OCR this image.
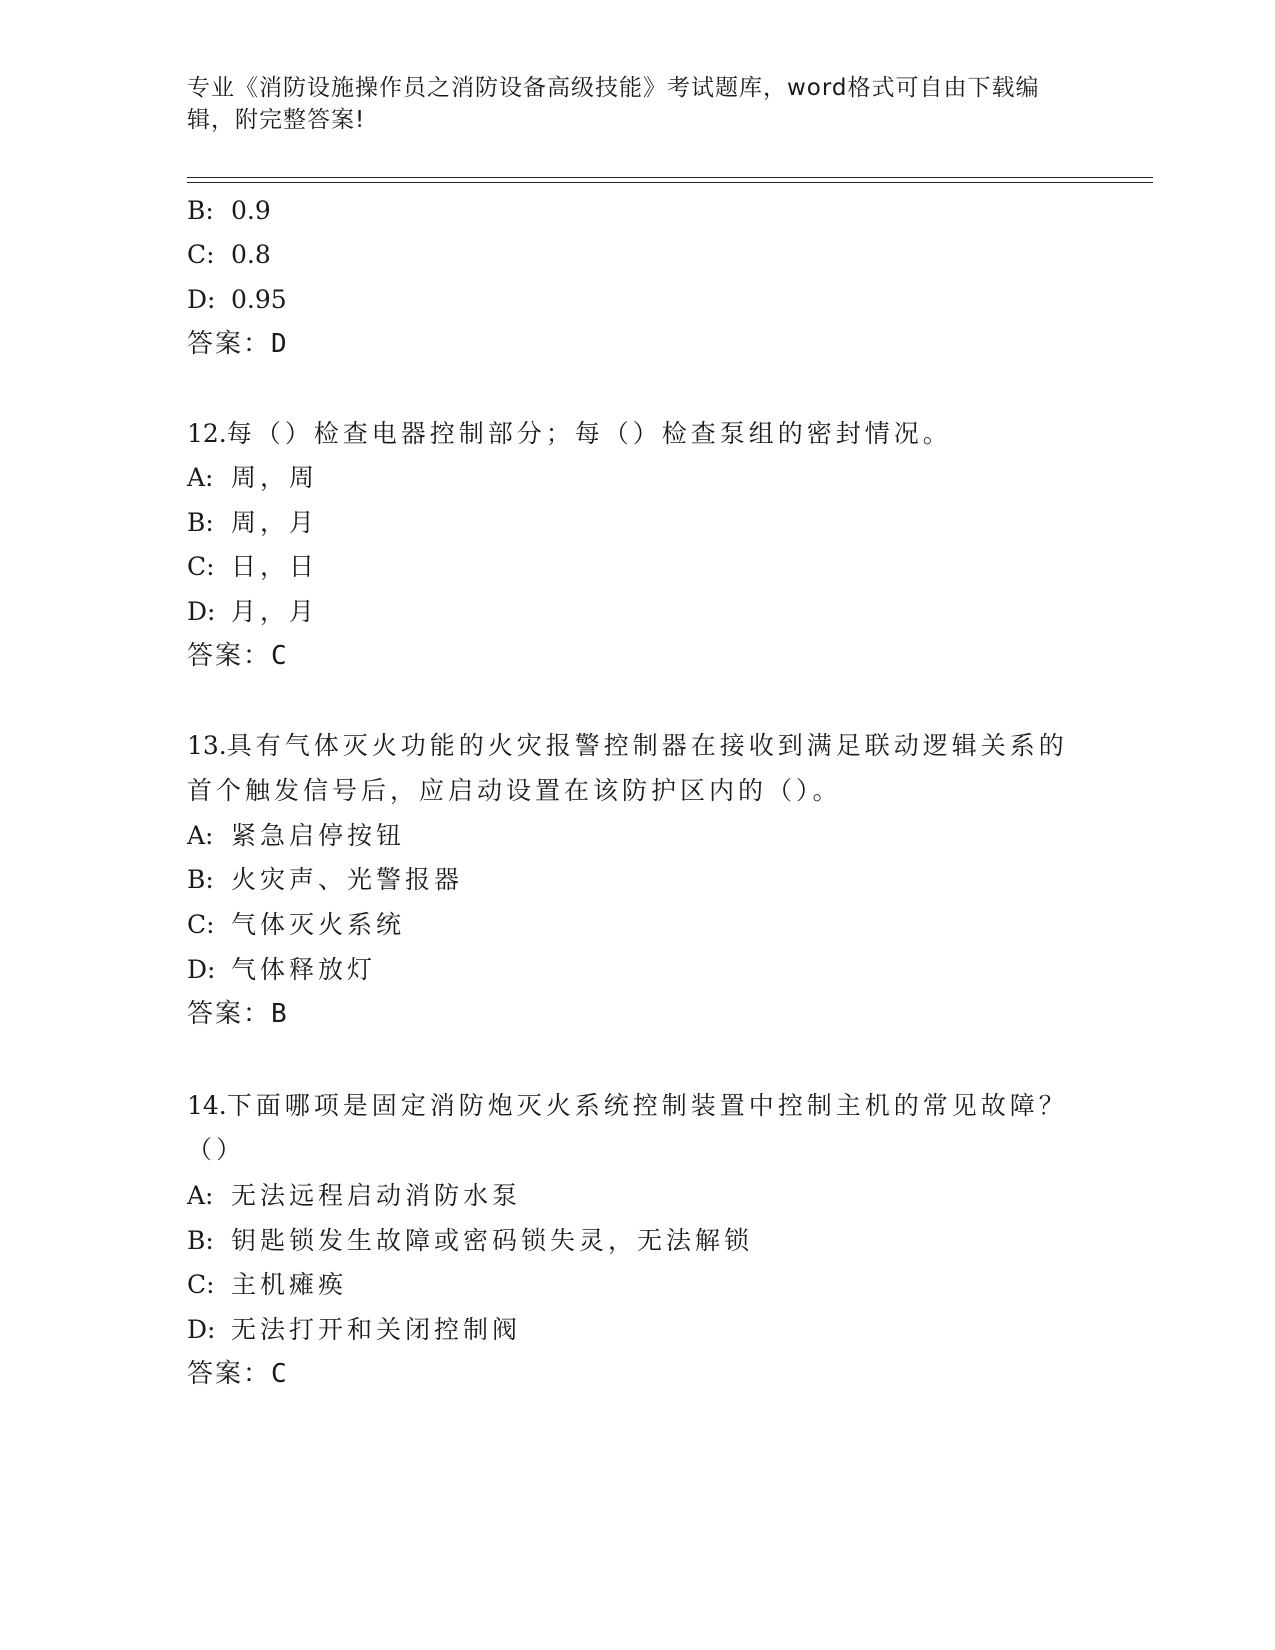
专业《消防设施操作员之消防设备高级技能》考试题库，word格式可自由下载编
辑，附完整答案!
B: 0.9
C: 0.8
D: 0.95
答案：D
12.每（）检查电器控制部分；每（）检查泵组的密封情况。
A: 周，周
B: 周，月
C: 日，日
D: 月，月
答案：C
13.具有气体灭火功能的火灾报警控制器在接收到满足联动逻辑关系的
首个触发信号后，应启动设置在该防护区内的（）。
A: 紧急启停按钮
B: 火灾声、光警报器
C: 气体灭火系统
D: 气体释放灯
答案：B
14.下面哪项是固定消防炮灭火系统控制装置中控制主机的常见故障？
（）
A: 无法远程启动消防水泵
B: 钥匙锁发生故障或密码锁失灵，无法解锁
C: 主机瘫痪
D: 无法打开和关闭控制阀
答案：C
